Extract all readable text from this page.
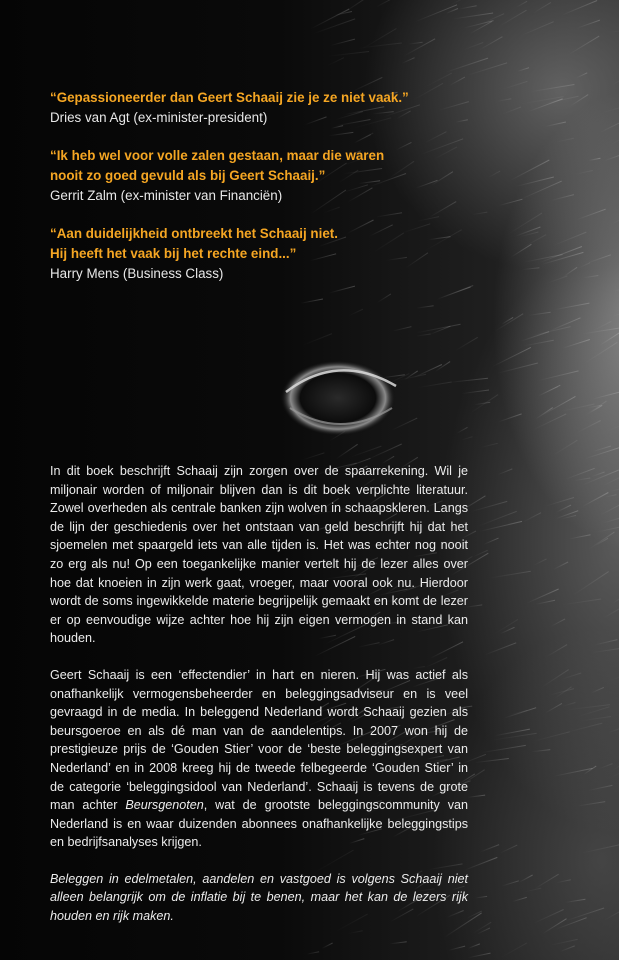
“Gepassioneerder dan Geert Schaaij zie je ze niet vaak.”

Dries van Agt (ex-minister-president)

“Ik heb wel voor volle zalen gestaan, maar die waren
nooit zo goed gevuld als bij Geert Schaaij.”

Gerrit Zalm (ex-minister van Financiën)

“Aan duidelijkheid ontbreekt het Schaaij niet.
Hij heeft het vaak bij het rechte eind...”

Harry Mens (Business Class)

In dit boek beschrijft Schaaij zijn zorgen over de spaarrekening. Wil je miljonair worden of miljonair blijven dan is dit boek verplichte literatuur. Zowel overheden als centrale banken zijn wolven in schaapskleren. Langs de lijn der geschiedenis over het ontstaan van geld beschrijft hij dat het sjoemelen met spaargeld iets van alle tijden is. Het was echter nog nooit zo erg als nu! Op een toegankelijke manier vertelt hij de lezer alles over hoe dat knoeien in zijn werk gaat, vroeger, maar vooral ook nu. Hierdoor wordt de soms ingewikkelde materie begrijpelijk gemaakt en komt de lezer er op eenvoudige wijze achter hoe hij zijn eigen vermogen in stand kan houden.

Geert Schaaij is een ‘effectendier’ in hart en nieren. Hij was actief als onafhankelijk vermogensbeheerder en beleggingsadviseur en is veel gevraagd in de media. In beleggend Nederland wordt Schaaij gezien als beursgoeroe en als dé man van de aandelentips. In 2007 won hij de prestigieuze prijs de ‘Gouden Stier’ voor de ‘beste beleggingsexpert van Nederland’ en in 2008 kreeg hij de tweede felbegeerde ‘Gouden Stier’ in de categorie ‘beleggingsidool van Nederland’. Schaaij is tevens de grote man achter Beursgenoten, wat de grootste beleggingscommunity van Nederland is en waar duizenden abonnees onafhankelijke beleggingstips en bedrijfsanalyses krijgen.

Beleggen in edelmetalen, aandelen en vastgoed is volgens Schaaij niet alleen belangrijk om de inflatie bij te benen, maar het kan de lezers rijk houden en rijk maken.
